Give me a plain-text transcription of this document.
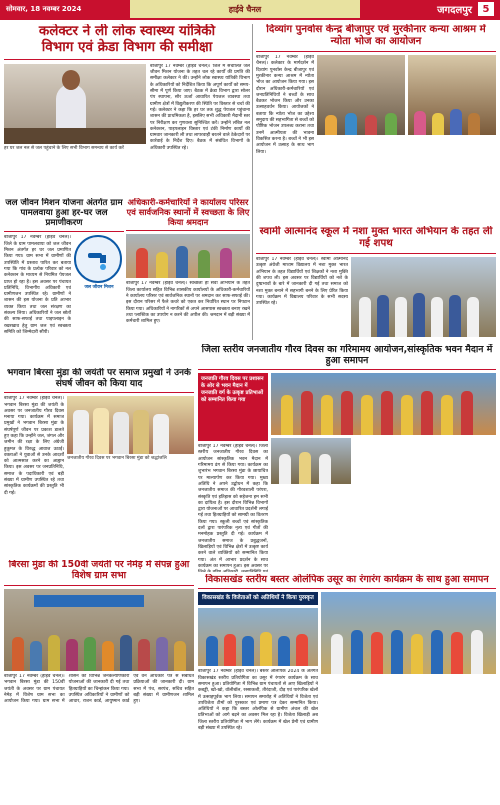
सोमवार, 18 नवम्बर 2024	हाईवे चैनल	जगदलपुर	5
कलेक्टर ने ली लोक स्वास्थ्य यांत्रिकी
विभाग एवं क्रेडा विभाग की समीक्षा
हर घर जल नल से जल पहुंचाने के लिए सभी विभाग समन्वय से कार्य करें
बीजापुर 17 नवम्बर (हाईवे चैनल)। जिले में संचालित जल जीवन मिशन योजना के तहत चल रहे कार्यों की प्रगति की समीक्षा कलेक्टर ने की। उन्होंने लोक स्वास्थ्य यांत्रिकी विभाग के अधिकारियों को निर्देशित किया कि अपूर्ण कार्यों को समय-सीमा में पूर्ण किया जाए। बैठक में क्रेडा विभाग द्वारा सोलर पंप स्थापना, सौर ऊर्जा आधारित पेयजल व्यवस्था तथा ग्रामीण क्षेत्रों में विद्युतीकरण की स्थिति पर विस्तार से चर्चा की गई। कलेक्टर ने कहा कि हर घर तक शुद्ध पेयजल पहुंचाना शासन की प्राथमिकता है, इसलिए सभी अधिकारी मैदानी स्तर पर निरीक्षण कर गुणवत्ता सुनिश्चित करें। उन्होंने लंबित नल कनेक्शन, पाइपलाइन विस्तार एवं टंकी निर्माण कार्यों की ग्रामवार जानकारी ली तथा लापरवाही बरतने वाले ठेकेदारों पर कार्रवाई के निर्देश दिए। बैठक में संबंधित विभागों के अधिकारी उपस्थित रहे।
जल जीवन मिशन योजना अंतर्गत ग्राम पामलवाया हुआ हर-घर जल प्रमाणीकरण
बीजापुर 17 नवम्बर (हाईवे चैनल)। जिले के ग्राम पामलवाया को जल जीवन मिशन अंतर्गत हर घर जल प्रमाणित किया गया। ग्राम सभा में ग्रामीणों की उपस्थिति में प्रस्ताव पारित कर बताया गया कि गांव के प्रत्येक परिवार को नल कनेक्शन के माध्यम से नियमित पेयजल प्राप्त हो रहा है। इस अवसर पर पंचायत प्रतिनिधि, विभागीय अधिकारी एवं ग्रामीणजन उपस्थित रहे। ग्रामीणों ने शासन की इस योजना के प्रति आभार व्यक्त किया तथा जल संरक्षण का संकल्प लिया। अधिकारियों ने जल स्रोतों की साफ-सफाई तथा पाइपलाइन के रखरखाव हेतु ग्राम जल एवं स्वच्छता समिति को जिम्मेदारी सौंपी।
जल जीवन मिशन
अधिकारी-कर्मचारियों ने कार्यालय परिसर एवं सार्वजनिक स्थानों में स्वच्छता के लिए किया श्रमदान
बीजापुर 17 नवम्बर (हाईवे चैनल)। स्वच्छता ही सेवा अभियान के तहत जिला कार्यालय सहित विभिन्न शासकीय कार्यालयों के अधिकारी-कर्मचारियों ने कार्यालय परिसर एवं सार्वजनिक स्थानों पर श्रमदान कर साफ-सफाई की। इस दौरान परिसर में फैले कचरे को एकत्र कर निर्धारित स्थान पर निपटान किया गया। अधिकारियों ने नागरिकों से अपने आसपास स्वच्छता बनाए रखने तथा प्लास्टिक का उपयोग न करने की अपील की। श्रमदान में बड़ी संख्या में कर्मचारी शामिल हुए।
भगवान बिरसा मुंडा की जयंती पर समाज प्रमुखों ने उनके संघर्ष जीवन को किया याद
बीजापुर 17 नवम्बर (हाईवे चैनल)। भगवान बिरसा मुंडा की जयंती के अवसर पर जनजातीय गौरव दिवस मनाया गया। कार्यक्रम में समाज प्रमुखों ने भगवान बिरसा मुंडा के संघर्षपूर्ण जीवन पर प्रकाश डालते हुए कहा कि उन्होंने जल, जंगल और जमीन की रक्षा के लिए अंग्रेजी हुकूमत के विरुद्ध आवाज उठाई। वक्ताओं ने युवाओं से उनके आदर्शों को आत्मसात करने का आह्वान किया। इस अवसर पर जनप्रतिनिधि, समाज के पदाधिकारी एवं बड़ी संख्या में ग्रामीण उपस्थित रहे तथा सांस्कृतिक कार्यक्रमों की प्रस्तुति भी दी गई।
जनजातीय गौरव दिवस पर भगवान बिरसा मुंडा को श्रद्धांजलि
बिरसा मुंडा की 150वीं जयंती पर नेमेड़ में संपन्न हुआ विशेष ग्राम सभा
बीजापुर 17 नवम्बर (हाईवे चैनल)। भगवान बिरसा मुंडा की 150वीं जयंती के अवसर पर ग्राम पंचायत नेमेड़ में विशेष ग्राम सभा का आयोजन किया गया। ग्राम सभा में शासन की विभिन्न जनकल्याणकारी योजनाओं की जानकारी दी गई तथा हितग्राहियों का चिन्हांकन किया गया। उपस्थित अधिकारियों ने ग्रामीणों को आधार, राशन कार्ड, आयुष्मान कार्ड एवं वन अधिकार पत्र से संबंधित प्रक्रियाओं की जानकारी दी। ग्राम सभा में पंच, सरपंच, सचिव सहित बड़ी संख्या में ग्रामीणजन शामिल हुए।
दिव्यांग पुनर्वास केन्द्र बीजापुर एवं मुरकीनार कन्या आश्रम में न्योता भोज का आयोजन
बीजापुर 17 नवम्बर (हाईवे चैनल)। कलेक्टर के मार्गदर्शन में दिव्यांग पुनर्वास केन्द्र बीजापुर एवं मुरकीनार कन्या आश्रम में न्योता भोज का आयोजन किया गया। इस दौरान अधिकारी-कर्मचारियों एवं जनप्रतिनिधियों ने बच्चों के साथ बैठकर भोजन किया और उनका उत्साहवर्धन किया। आयोजकों ने बताया कि न्योता भोज का उद्देश्य समुदाय की सहभागिता से बच्चों को पौष्टिक भोजन उपलब्ध कराना तथा उनमें आत्मीयता की भावना विकसित करना है। बच्चों ने भी इस आयोजन में उत्साह के साथ भाग लिया।
स्वामी आत्मानंद स्कूल में नशा मुक्त भारत अभियान के तहत ली गई शपथ
बीजापुर 17 नवम्बर (हाईवे चैनल)। स्वामी आत्मानंद उत्कृष्ट अंग्रेजी माध्यम विद्यालय में नशा मुक्त भारत अभियान के तहत विद्यार्थियों एवं शिक्षकों ने नशा मुक्ति की शपथ ली। इस अवसर पर विद्यार्थियों को नशे के दुष्प्रभावों के बारे में जानकारी दी गई तथा समाज को नशा मुक्त बनाने में सहभागी बनने के लिए प्रेरित किया गया। कार्यक्रम में विद्यालय परिवार के सभी सदस्य उपस्थित रहे।
जिला स्तरीय जनजातीय गौरव दिवस का गरिमामय आयोजन,सांस्कृतिक भवन मैदान में हुआ समापन
जनजाति गौरव दिवस पर प्रशासन के ओर से भवन मैदान में जनजाति वर्ग के उत्कृष्ट प्रतिभाओं को सम्मानित किया गया
बीजापुर 17 नवम्बर (हाईवे चैनल)। जिला स्तरीय जनजातीय गौरव दिवस का आयोजन सांस्कृतिक भवन मैदान में गरिमामय ढंग से किया गया। कार्यक्रम का शुभारंभ भगवान बिरसा मुंडा के छायाचित्र पर माल्यार्पण कर किया गया। मुख्य अतिथि ने अपने उद्बोधन में कहा कि जनजातीय समाज की गौरवशाली परंपरा, संस्कृति एवं इतिहास को सहेजना हम सभी का दायित्व है। इस दौरान विभिन्न विभागों द्वारा योजनाओं पर आधारित प्रदर्शनी लगाई गई तथा हितग्राहियों को सामग्री का वितरण किया गया। स्कूली बच्चों एवं सांस्कृतिक दलों द्वारा पारंपरिक नृत्य एवं गीतों की मनमोहक प्रस्तुति दी गई। कार्यक्रम में जनजातीय समाज के प्रबुद्धजनों, खिलाड़ियों एवं विभिन्न क्षेत्रों में उत्कृष्ट कार्य करने वाले व्यक्तियों को सम्मानित किया गया। अंत में आभार प्रदर्शन के साथ कार्यक्रम का समापन हुआ। इस अवसर पर
विकासखंड स्तरीय बस्तर ओलंपिक उसूर का रंगारंग कार्यक्रम के साथ हुआ समापन
विकासखंड के विजेताओं को अतिथियों ने किया पुरस्कृत
बीजापुर 17 नवम्बर (हाईवे चैनल)। बस्तर ओलंपिक 2024 के अंतर्गत विकासखंड स्तरीय प्रतियोगिता का उसूर में रंगारंग कार्यक्रम के साथ समापन हुआ। प्रतियोगिता में विभिन्न ग्राम पंचायतों से आए खिलाड़ियों ने कबड्डी, खो-खो, वॉलीबॉल, रस्साकशी, तीरंदाजी, दौड़ एवं पारंपरिक खेलों में उत्साहपूर्वक भाग लिया। समापन समारोह में अतिथियों ने विजेता एवं उपविजेता टीमों को पुरस्कार एवं प्रमाण पत्र देकर सम्मानित किया। अतिथियों ने कहा कि बस्तर ओलंपिक से ग्रामीण अंचल की खेल प्रतिभाओं को आगे बढ़ने का अवसर मिल रहा है। विजेता खिलाड़ी अब जिला स्तरीय प्रतियोगिता में भाग लेंगे। कार्यक्रम में खेल प्रेमी एवं ग्रामीण बड़ी संख्या में उपस्थित रहे।
